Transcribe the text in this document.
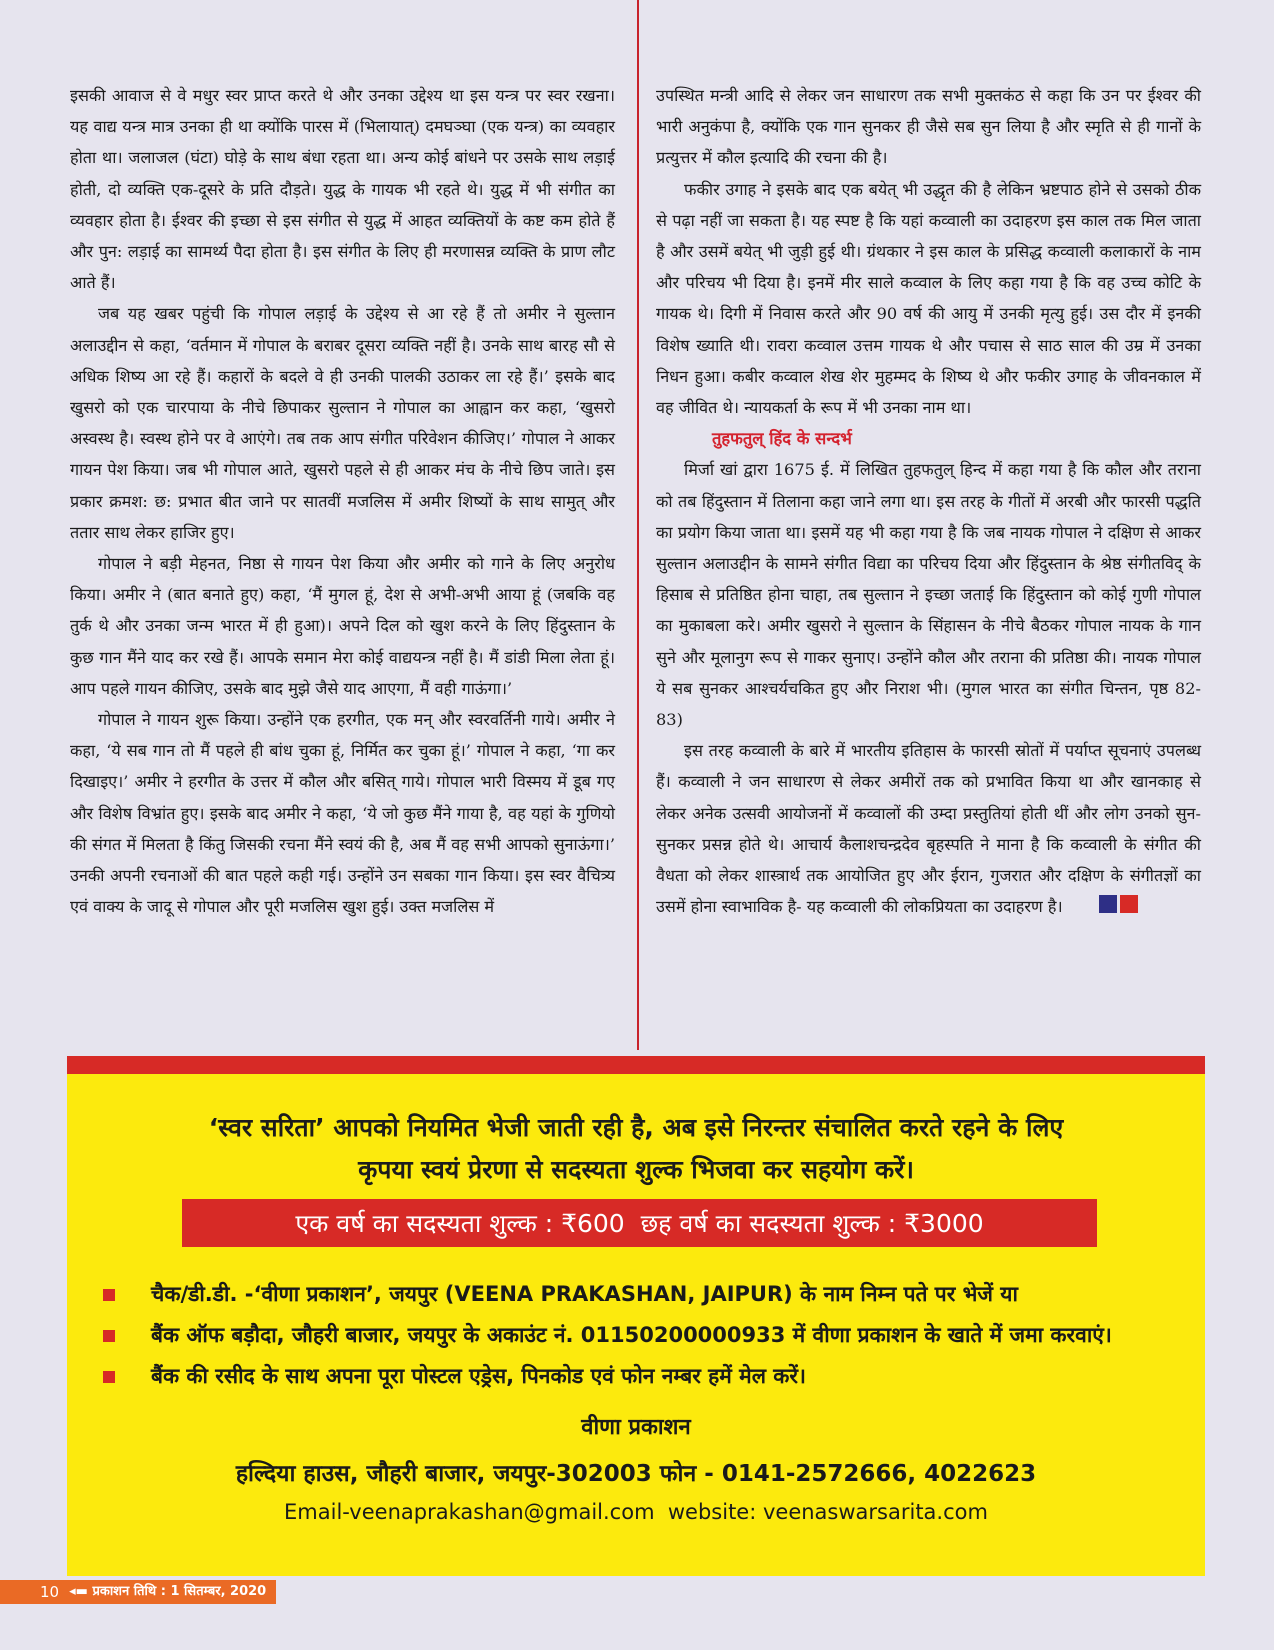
इसकी आवाज से वे मधुर स्वर प्राप्त करते थे और उनका उद्देश्य था इस यन्त्र पर स्वर रखना। यह वाद्य यन्त्र मात्र उनका ही था क्योंकि पारस में (भिलायात्) दमघञ्घा (एक यन्त्र) का व्यवहार होता था। जलाजल (घंटा) घोड़े के साथ बंधा रहता था। अन्य कोई बांधने पर उसके साथ लड़ाई होती, दो व्यक्ति एक-दूसरे के प्रति दौड़ते। युद्ध के गायक भी रहते थे। युद्ध में भी संगीत का व्यवहार होता है। ईश्वर की इच्छा से इस संगीत से युद्ध में आहत व्यक्तियों के कष्ट कम होते हैं और पुन: लड़ाई का सामर्थ्य पैदा होता है। इस संगीत के लिए ही मरणासन्न व्यक्ति के प्राण लौट आते हैं।

जब यह खबर पहुंची कि गोपाल लड़ाई के उद्देश्य से आ रहे हैं तो अमीर ने सुल्तान अलाउद्दीन से कहा, ‘वर्तमान में गोपाल के बराबर दूसरा व्यक्ति नहीं है। उनके साथ बारह सौ से अधिक शिष्य आ रहे हैं। कहारों के बदले वे ही उनकी पालकी उठाकर ला रहे हैं।’ इसके बाद खुसरो को एक चारपाया के नीचे छिपाकर सुल्तान ने गोपाल का आह्वान कर कहा, ‘खुसरो अस्वस्थ है। स्वस्थ होने पर वे आएंगे। तब तक आप संगीत परिवेशन कीजिए।’ गोपाल ने आकर गायन पेश किया। जब भी गोपाल आते, खुसरो पहले से ही आकर मंच के नीचे छिप जाते। इस प्रकार क्रमश: छ: प्रभात बीत जाने पर सातवीं मजलिस में अमीर शिष्यों के साथ सामुत् और ततार साथ लेकर हाजिर हुए।

गोपाल ने बड़ी मेहनत, निष्ठा से गायन पेश किया और अमीर को गाने के लिए अनुरोध किया। अमीर ने (बात बनाते हुए) कहा, ‘मैं मुगल हूं, देश से अभी-अभी आया हूं (जबकि वह तुर्क थे और उनका जन्म भारत में ही हुआ)। अपने दिल को खुश करने के लिए हिंदुस्तान के कुछ गान मैंने याद कर रखे हैं। आपके समान मेरा कोई वाद्ययन्त्र नहीं है। मैं डांडी मिला लेता हूं। आप पहले गायन कीजिए, उसके बाद मुझे जैसे याद आएगा, मैं वही गाऊंगा।’

गोपाल ने गायन शुरू किया। उन्होंने एक हरगीत, एक मन् और स्वरवर्तिनी गाये। अमीर ने कहा, ‘ये सब गान तो मैं पहले ही बांध चुका हूं, निर्मित कर चुका हूं।’ गोपाल ने कहा, ‘गा कर दिखाइए।’ अमीर ने हरगीत के उत्तर में कौल और बसित् गाये। गोपाल भारी विस्मय में डूब गए और विशेष विभ्रांत हुए। इसके बाद अमीर ने कहा, ‘ये जो कुछ मैंने गाया है, वह यहां के गुणियो की संगत में मिलता है किंतु जिसकी रचना मैंने स्वयं की है, अब मैं वह सभी आपको सुनाऊंगा।’ उनकी अपनी रचनाओं की बात पहले कही गई। उन्होंने उन सबका गान किया। इस स्वर वैचित्र्य एवं वाक्य के जादू से गोपाल और पूरी मजलिस खुश हुई। उक्त मजलिस में

उपस्थित मन्त्री आदि से लेकर जन साधारण तक सभी मुक्तकंठ से कहा कि उन पर ईश्वर की भारी अनुकंपा है, क्योंकि एक गान सुनकर ही जैसे सब सुन लिया है और स्मृति से ही गानों के प्रत्युत्तर में कौल इत्यादि की रचना की है।

फकीर उगाह ने इसके बाद एक बयेत् भी उद्धृत की है लेकिन भ्रष्टपाठ होने से उसको ठीक से पढ़ा नहीं जा सकता है। यह स्पष्ट है कि यहां कव्वाली का उदाहरण इस काल तक मिल जाता है और उसमें बयेत् भी जुड़ी हुई थी। ग्रंथकार ने इस काल के प्रसिद्ध कव्वाली कलाकारों के नाम और परिचय भी दिया है। इनमें मीर साले कव्वाल के लिए कहा गया है कि वह उच्च कोटि के गायक थे। दिगी में निवास करते और 90 वर्ष की आयु में उनकी मृत्यु हुई। उस दौर में इनकी विशेष ख्याति थी। रावरा कव्वाल उत्तम गायक थे और पचास से साठ साल की उम्र में उनका निधन हुआ। कबीर कव्वाल शेख शेर मुहम्मद के शिष्य थे और फकीर उगाह के जीवनकाल में वह जीवित थे। न्यायकर्ता के रूप में भी उनका नाम था।

तुहफतुल् हिंद के सन्दर्भ

मिर्जा खां द्वारा 1675 ई. में लिखित तुहफतुल् हिन्द में कहा गया है कि कौल और तराना को तब हिंदुस्तान में तिलाना कहा जाने लगा था। इस तरह के गीतों में अरबी और फारसी पद्धति का प्रयोग किया जाता था। इसमें यह भी कहा गया है कि जब नायक गोपाल ने दक्षिण से आकर सुल्तान अलाउद्दीन के सामने संगीत विद्या का परिचय दिया और हिंदुस्तान के श्रेष्ठ संगीतविद् के हिसाब से प्रतिष्ठित होना चाहा, तब सुल्तान ने इच्छा जताई कि हिंदुस्तान को कोई गुणी गोपाल का मुकाबला करे। अमीर खुसरो ने सुल्तान के सिंहासन के नीचे बैठकर गोपाल नायक के गान सुने और मूलानुग रूप से गाकर सुनाए। उन्होंने कौल और तराना की प्रतिष्ठा की। नायक गोपाल ये सब सुनकर आश्चर्यचकित हुए और निराश भी। (मुगल भारत का संगीत चिन्तन, पृष्ठ 82-83)

इस तरह कव्वाली के बारे में भारतीय इतिहास के फारसी स्रोतों में पर्याप्त सूचनाएं उपलब्ध हैं। कव्वाली ने जन साधारण से लेकर अमीरों तक को प्रभावित किया था और खानकाह से लेकर अनेक उत्सवी आयोजनों में कव्वालों की उम्दा प्रस्तुतियां होती थीं और लोग उनको सुन-सुनकर प्रसन्न होते थे। आचार्य कैलाशचन्द्रदेव बृहस्पति ने माना है कि कव्वाली के संगीत की वैधता को लेकर शास्त्रार्थ तक आयोजित हुए और ईरान, गुजरात और दक्षिण के संगीतज्ञों का उसमें होना स्वाभाविक है- यह कव्वाली की लोकप्रियता का उदाहरण है।

‘स्वर सरिता’ आपको नियमित भेजी जाती रही है, अब इसे निरन्तर संचालित करते रहने के लिए
कृपया स्वयं प्रेरणा से सदस्यता शुल्क भिजवा कर सहयोग करें।
एक वर्ष का सदस्यता शुल्क : ₹600  छह वर्ष का सदस्यता शुल्क : ₹3000
चैक/डी.डी. -‘वीणा प्रकाशन’, जयपुर (VEENA PRAKASHAN, JAIPUR) के नाम निम्न पते पर भेजें या
बैंक ऑफ बड़ौदा, जौहरी बाजार, जयपुर के अकाउंट नं. 01150200000933 में वीणा प्रकाशन के खाते में जमा करवाएं।
बैंक की रसीद के साथ अपना पूरा पोस्टल एड्रेस, पिनकोड एवं फोन नम्बर हमें मेल करें।
वीणा प्रकाशन
हल्दिया हाउस, जौहरी बाजार, जयपुर-302003 फोन - 0141-2572666, 4022623
Email-veenaprakashan@gmail.com  website: veenaswarsarita.com
10 ◂▬ प्रकाशन तिथि : 1 सितम्बर, 2020
